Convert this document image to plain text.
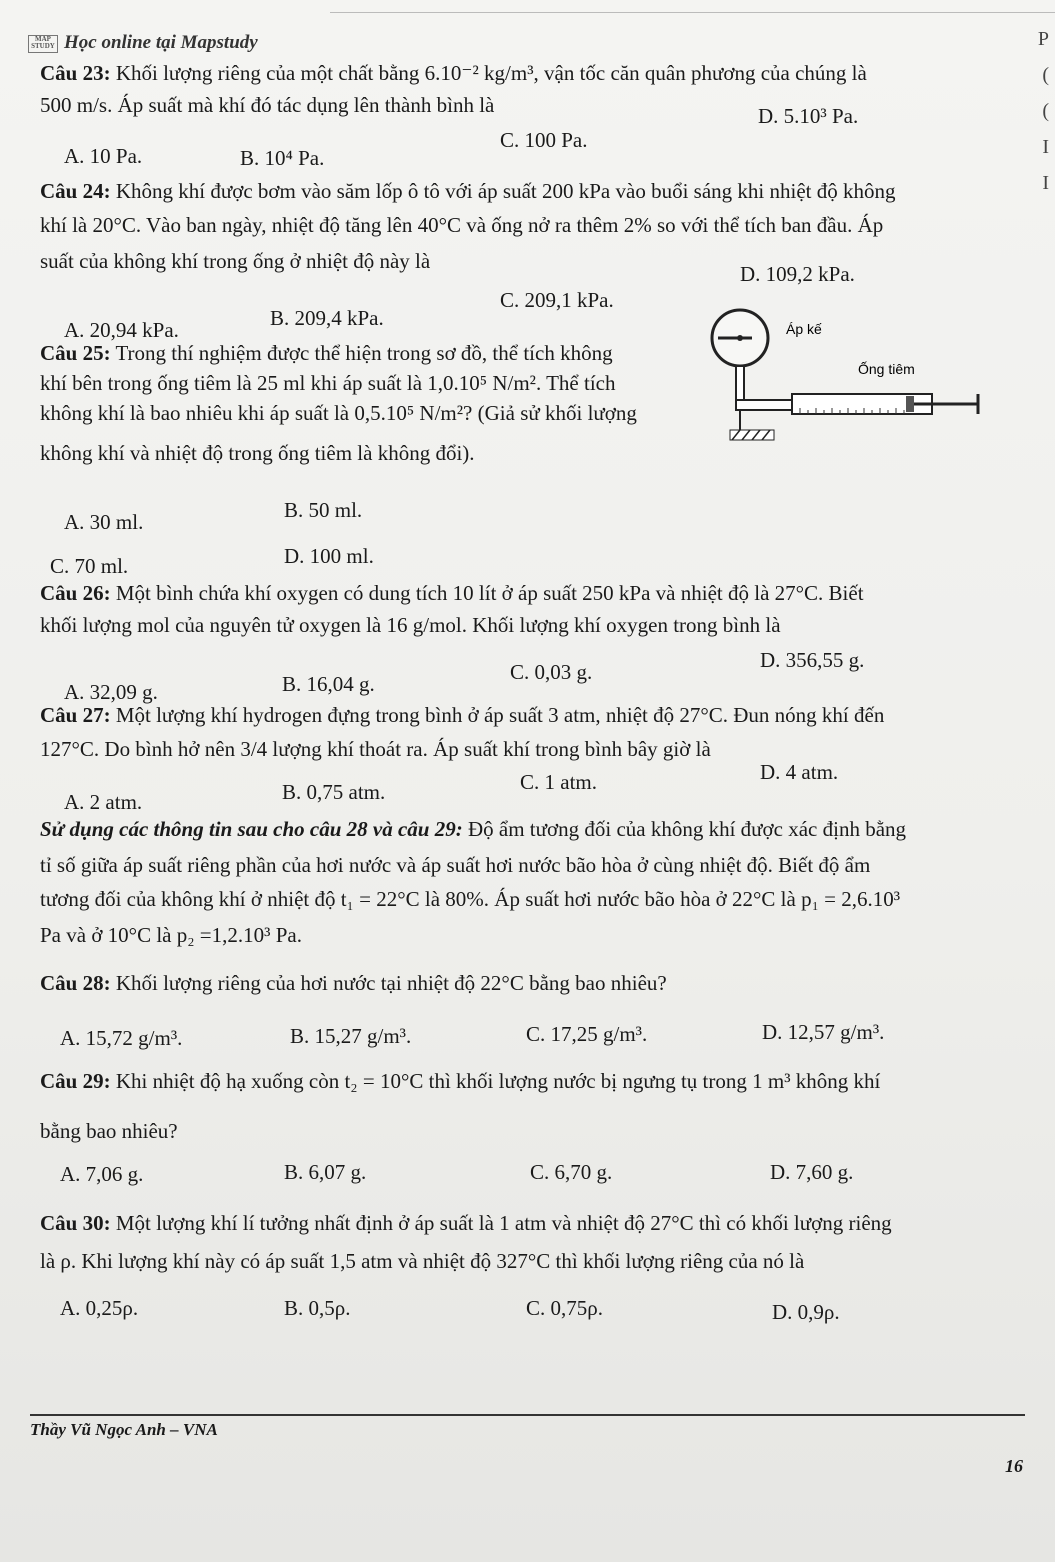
P
(
(
I
I
MAP STUDY Học online tại Mapstudy
Câu 23: Khối lượng riêng của một chất bằng 6.10⁻² kg/m³, vận tốc căn quân phương của chúng là
500 m/s. Áp suất mà khí đó tác dụng lên thành bình là	D. 5.10³ Pa.
C. 100 Pa.
B. 10⁴ Pa.
A. 10 Pa.
Câu 24: Không khí được bơm vào săm lốp ô tô với áp suất 200 kPa vào buổi sáng khi nhiệt độ không
khí là 20°C. Vào ban ngày, nhiệt độ tăng lên 40°C và ống nở ra thêm 2% so với thể tích ban đầu. Áp
suất của không khí trong ống ở nhiệt độ này là
D. 109,2 kPa.
C. 209,1 kPa.
B. 209,4 kPa.
A. 20,94 kPa.
Câu 25: Trong thí nghiệm được thể hiện trong sơ đồ, thể tích không
khí bên trong ống tiêm là 25 ml khi áp suất là 1,0.10⁵ N/m². Thể tích
không khí là bao nhiêu khi áp suất là 0,5.10⁵ N/m²? (Giả sử khối lượng
không khí và nhiệt độ trong ống tiêm là không đổi).
Áp kế
Ống tiêm
A. 30 ml.	B. 50 ml.
C. 70 ml.	D. 100 ml.
Câu 26: Một bình chứa khí oxygen có dung tích 10 lít ở áp suất 250 kPa và nhiệt độ là 27°C. Biết
khối lượng mol của nguyên tử oxygen là 16 g/mol. Khối lượng khí oxygen trong bình là
D. 356,55 g.
C. 0,03 g.
B. 16,04 g.
A. 32,09 g.
Câu 27: Một lượng khí hydrogen đựng trong bình ở áp suất 3 atm, nhiệt độ 27°C. Đun nóng khí đến
127°C. Do bình hở nên 3/4 lượng khí thoát ra. Áp suất khí trong bình bây giờ là
D. 4 atm.
C. 1 atm.
B. 0,75 atm.
A. 2 atm.
Sử dụng các thông tin sau cho câu 28 và câu 29: Độ ẩm tương đối của không khí được xác định bằng
tỉ số giữa áp suất riêng phần của hơi nước và áp suất hơi nước bão hòa ở cùng nhiệt độ. Biết độ ẩm
tương đối của không khí ở nhiệt độ t₁ = 22°C là 80%. Áp suất hơi nước bão hòa ở 22°C là p₁ = 2,6.10³
Pa và ở 10°C là p₂ =1,2.10³ Pa.
Câu 28: Khối lượng riêng của hơi nước tại nhiệt độ 22°C bằng bao nhiêu?
A. 15,72 g/m³.	B. 15,27 g/m³.	C. 17,25 g/m³.	D. 12,57 g/m³.
Câu 29: Khi nhiệt độ hạ xuống còn t₂ = 10°C thì khối lượng nước bị ngưng tụ trong 1 m³ không khí
bằng bao nhiêu?
A. 7,06 g.	B. 6,07 g.	C. 6,70 g.	D. 7,60 g.
Câu 30: Một lượng khí lí tưởng nhất định ở áp suất là 1 atm và nhiệt độ 27°C thì có khối lượng riêng
là ρ. Khi lượng khí này có áp suất 1,5 atm và nhiệt độ 327°C thì khối lượng riêng của nó là
A. 0,25ρ.	B. 0,5ρ.	C. 0,75ρ.	D. 0,9ρ.
Thầy Vũ Ngọc Anh – VNA
16
